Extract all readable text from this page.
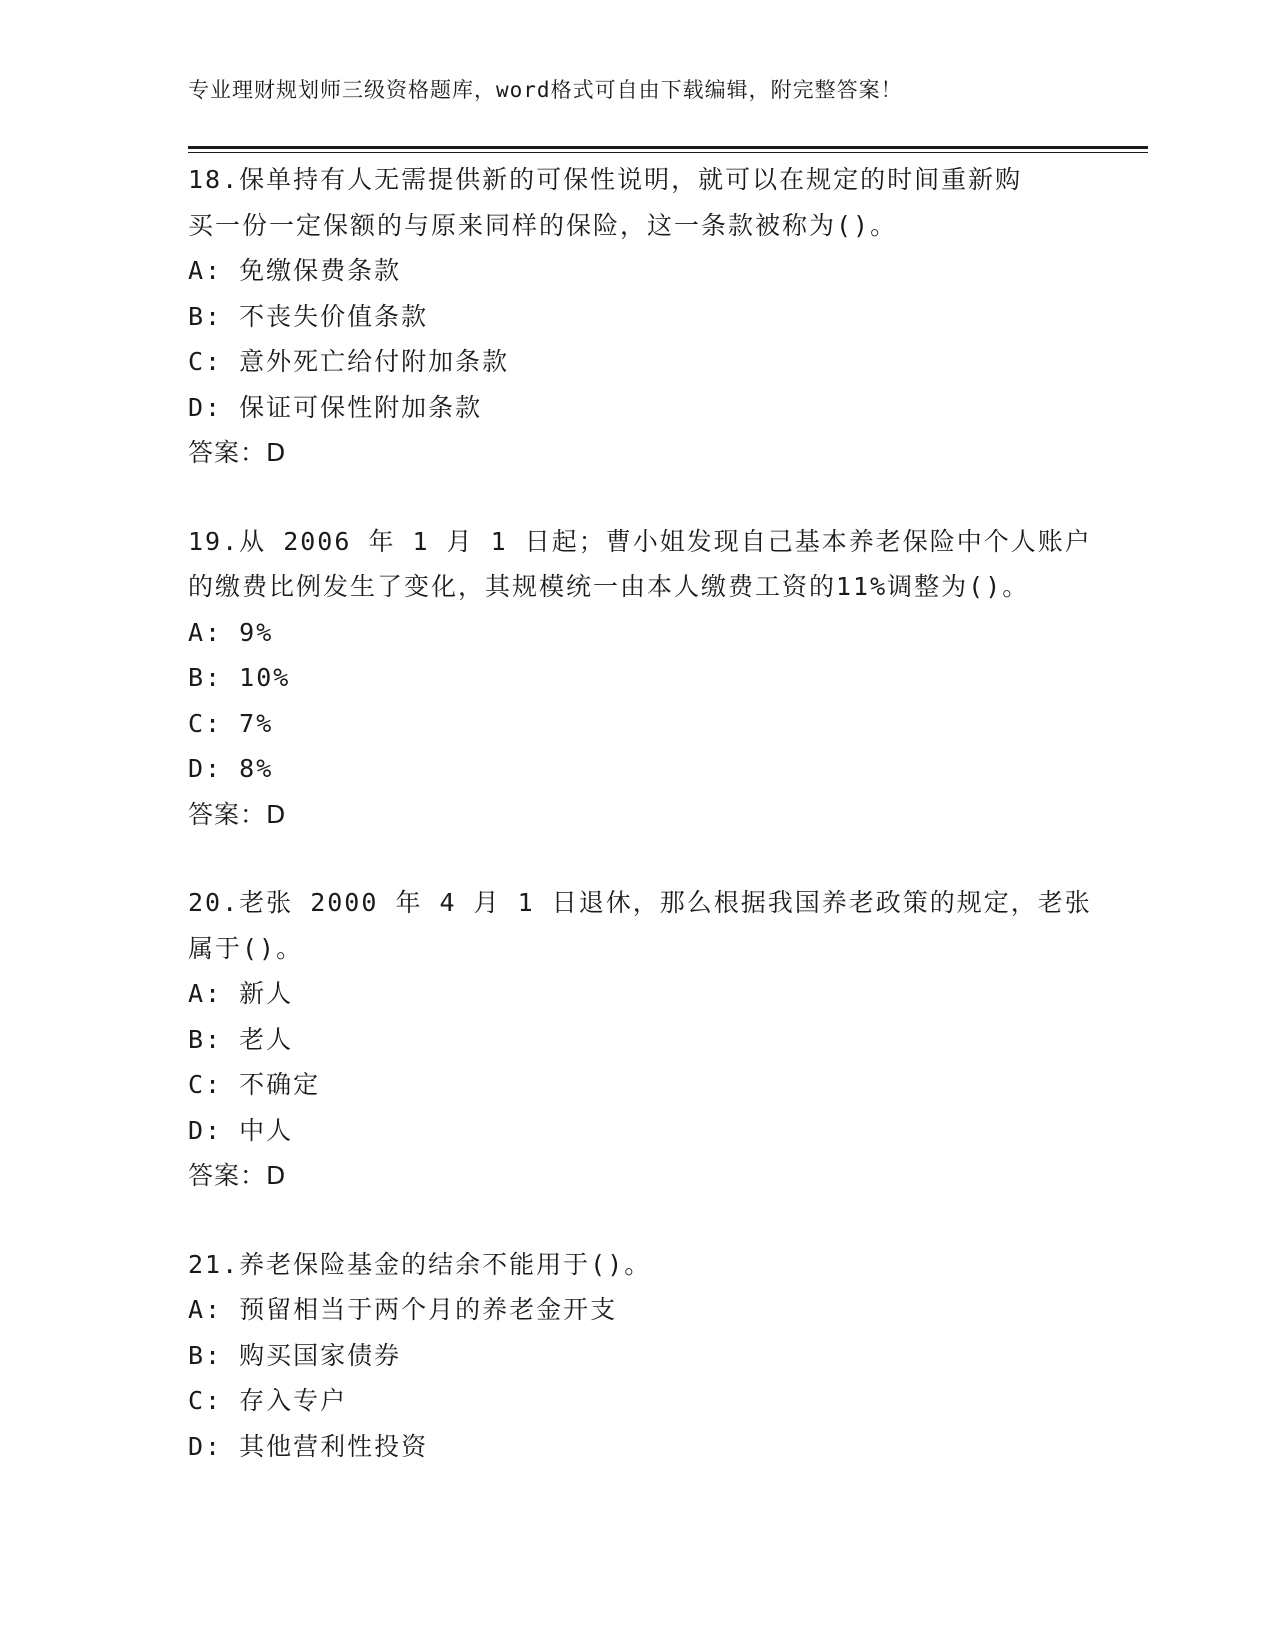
专业理财规划师三级资格题库，word格式可自由下载编辑，附完整答案！
18.保单持有人无需提供新的可保性说明，就可以在规定的时间重新购
买一份一定保额的与原来同样的保险，这一条款被称为()。
A: 免缴保费条款
B: 不丧失价值条款
C: 意外死亡给付附加条款
D: 保证可保性附加条款
答案：D
19.从 2006 年 1 月 1 日起；曹小姐发现自己基本养老保险中个人账户
的缴费比例发生了变化，其规模统一由本人缴费工资的11%调整为()。
A: 9%
B: 10%
C: 7%
D: 8%
答案：D
20.老张 2000 年 4 月 1 日退休，那么根据我国养老政策的规定，老张
属于()。
A: 新人
B: 老人
C: 不确定
D: 中人
答案：D
21.养老保险基金的结余不能用于()。
A: 预留相当于两个月的养老金开支
B: 购买国家债券
C: 存入专户
D: 其他营利性投资
